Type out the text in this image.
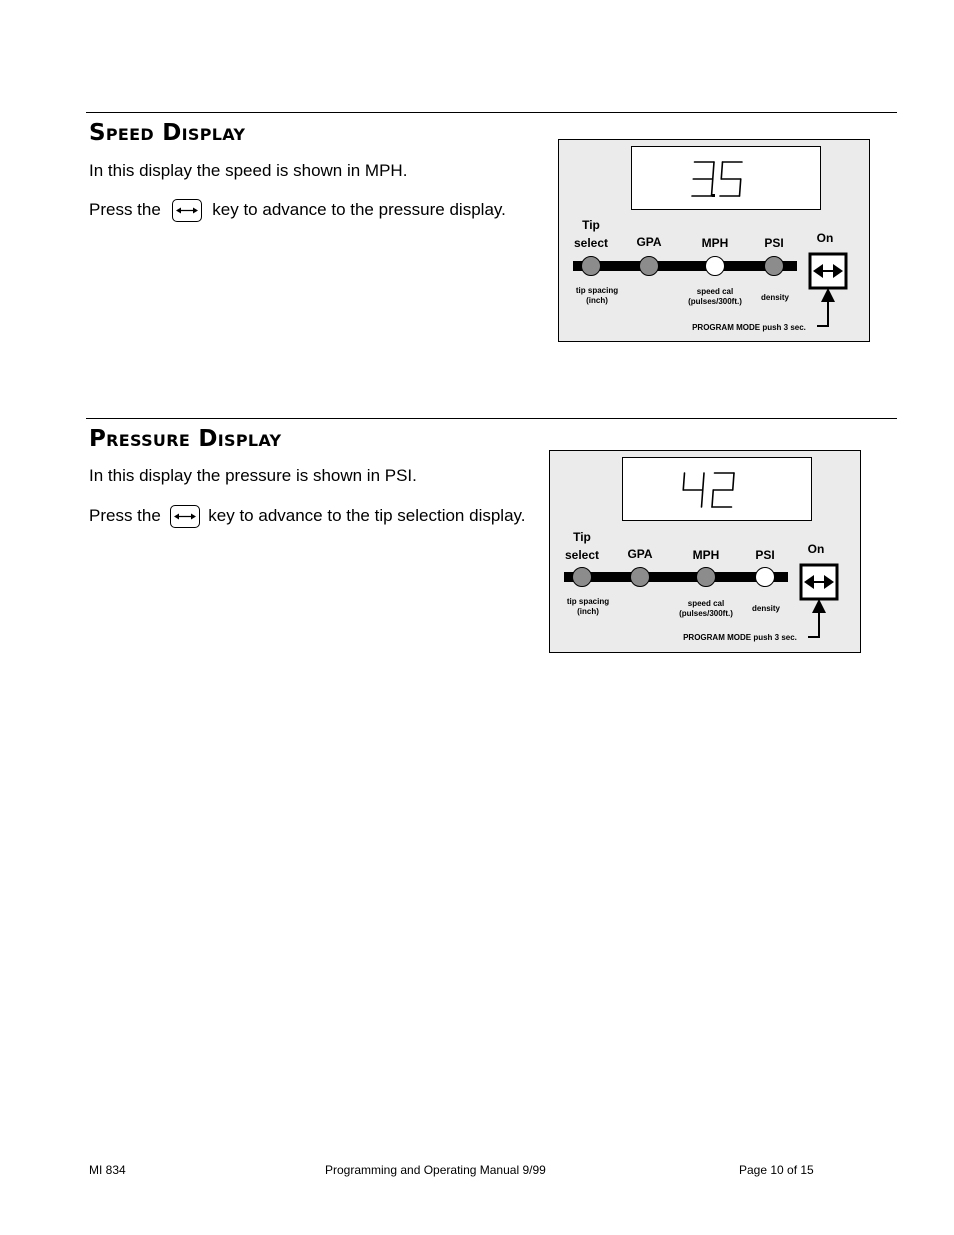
Speed Display

In this display the speed is shown in MPH.

Press the	key to advance to the pressure display.

Tip
select	GPA	MPH	PSI	On
tip spacing
(inch)
speed cal
(pulses/300ft.)	density
PROGRAM MODE push 3 sec.
Pressure Display

In this display the pressure is shown in PSI.

Press the	key to advance to the tip selection display.

Tip
select	GPA	MPH	PSI	On
tip spacing
(inch)
speed cal
(pulses/300ft.)
density
PROGRAM MODE push 3 sec.
MI 834	Programming and Operating Manual 9/99	Page 10 of 15
